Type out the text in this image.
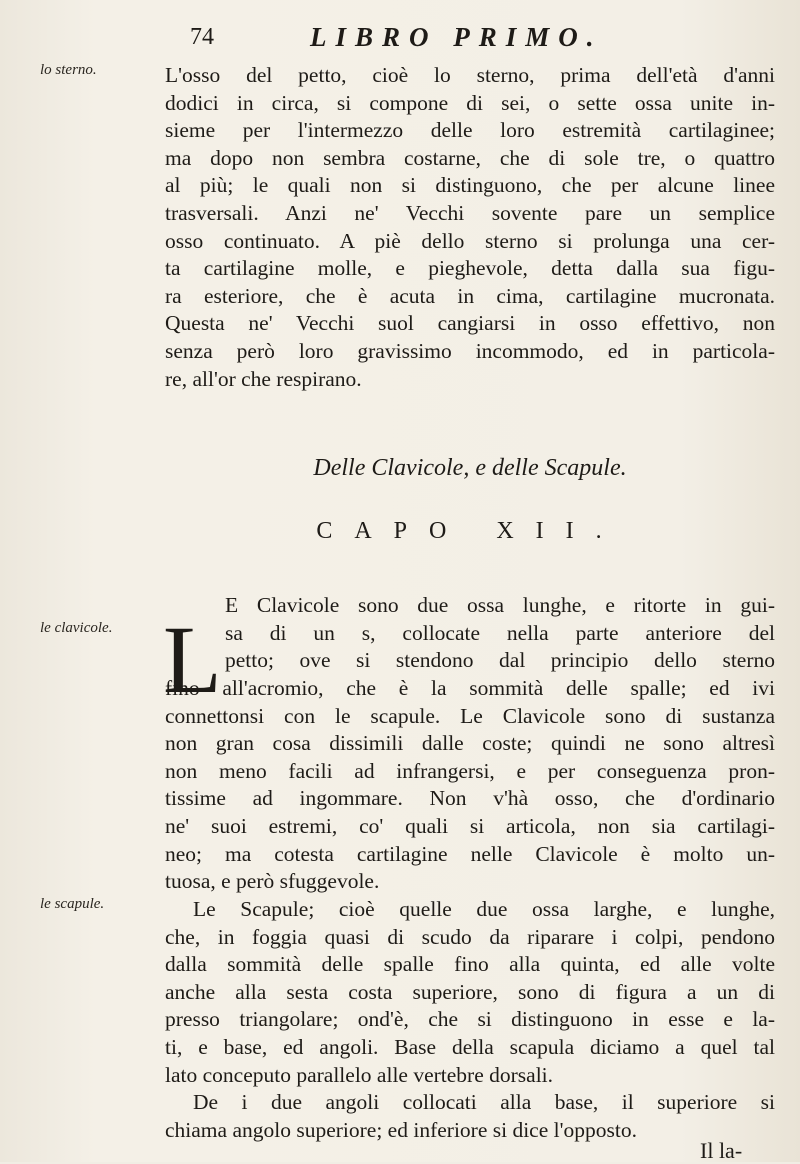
74	LIBRO PRIMO.
lo sterno.
le clavicole.
le scapule.
L'osso del petto, cioè lo sterno, prima dell'età d'anni
dodici in circa, si compone di sei, o sette ossa unite in-
sieme per l'intermezzo delle loro estremità cartilaginee;
ma dopo non sembra costarne, che di sole tre, o quattro
al più; le quali non si distinguono, che per alcune linee
trasversali. Anzi ne' Vecchi sovente pare un semplice
osso continuato. A piè dello sterno si prolunga una cer-
ta cartilagine molle, e pieghevole, detta dalla sua figu-
ra esteriore, che è acuta in cima, cartilagine mucronata.
Questa ne' Vecchi suol cangiarsi in osso effettivo, non
senza però loro gravissimo incommodo, ed in particola-
re, all'or che respirano.
Delle Clavicole, e delle Scapule.
CAPO XII.
L
E Clavicole sono due ossa lunghe, e ritorte in gui-
sa di un s, collocate nella parte anteriore del
petto; ove si stendono dal principio dello sterno
fino all'acromio, che è la sommità delle spalle; ed ivi
connettonsi con le scapule. Le Clavicole sono di sustanza
non gran cosa dissimili dalle coste; quindi ne sono altresì
non meno facili ad infrangersi, e per conseguenza pron-
tissime ad ingommare. Non v'hà osso, che d'ordinario
ne' suoi estremi, co' quali si articola, non sia cartilagi-
neo; ma cotesta cartilagine nelle Clavicole è molto un-
tuosa, e però sfuggevole.
Le Scapule; cioè quelle due ossa larghe, e lunghe,
che, in foggia quasi di scudo da riparare i colpi, pendono
dalla sommità delle spalle fino alla quinta, ed alle volte
anche alla sesta costa superiore, sono di figura a un di
presso triangolare; ond'è, che si distinguono in esse e la-
ti, e base, ed angoli. Base della scapula diciamo a quel tal
lato conceputo parallelo alle vertebre dorsali.
De i due angoli collocati alla base, il superiore si
chiama angolo superiore; ed inferiore si dice l'opposto.
Il la-
